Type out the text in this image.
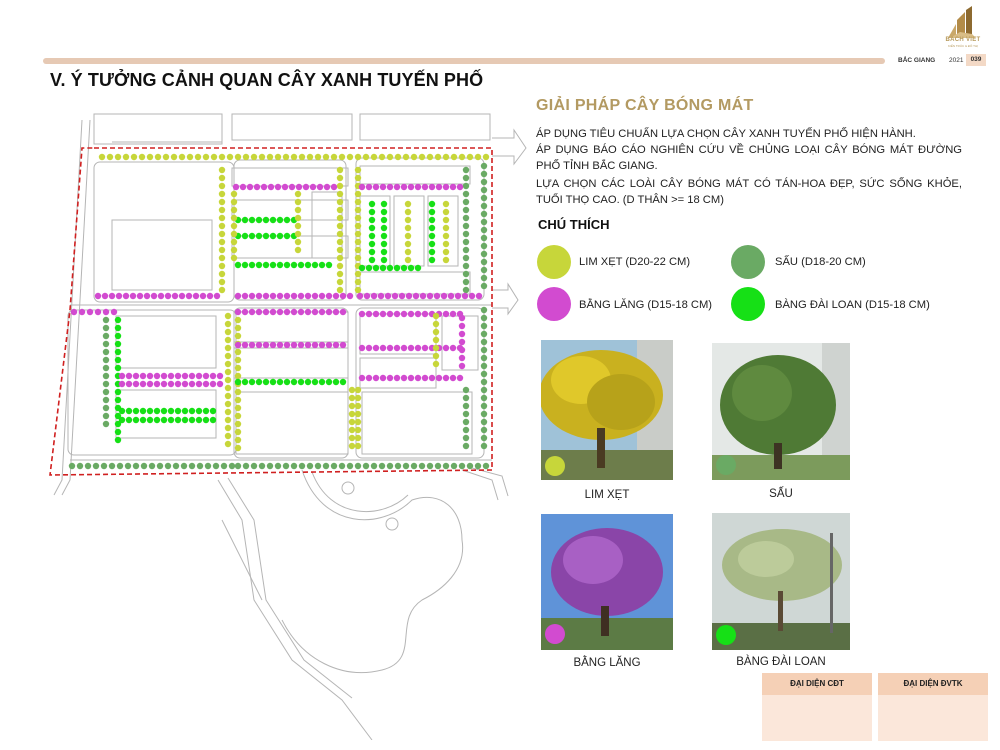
BACH VIET
KIẾN TRÚC & ĐÔ THỊ
BẮC GIANG 2021	039
V. Ý TƯỞNG CẢNH QUAN CÂY XANH TUYẾN PHỐ
GIẢI PHÁP CÂY BÓNG MÁT
ÁP DỤNG TIÊU CHUẨN LỰA CHỌN CÂY XANH TUYẾN PHỐ HIỆN HÀNH.
ÁP DỤNG BÁO CÁO NGHIÊN CỨU VỀ CHỦNG LOẠI CÂY BÓNG MÁT ĐƯỜNG PHỐ TỈNH BẮC GIANG.
LỰA CHỌN CÁC LOÀI CÂY BÓNG MÁT CÓ TÁN-HOA ĐẸP, SỨC SỐNG KHỎE, TUỔI THỌ CAO. (D THÂN >= 18 CM)
CHÚ THÍCH
LIM XẸT (D20-22 CM)	SẤU (D18-20 CM)
BẰNG LĂNG (D15-18 CM)	BÀNG ĐÀI LOAN (D15-18 CM)
LIM XẸT	SẤU
BẰNG LĂNG	BÀNG ĐÀI LOAN
ĐẠI DIỆN CĐT	ĐẠI DIỆN ĐVTK
